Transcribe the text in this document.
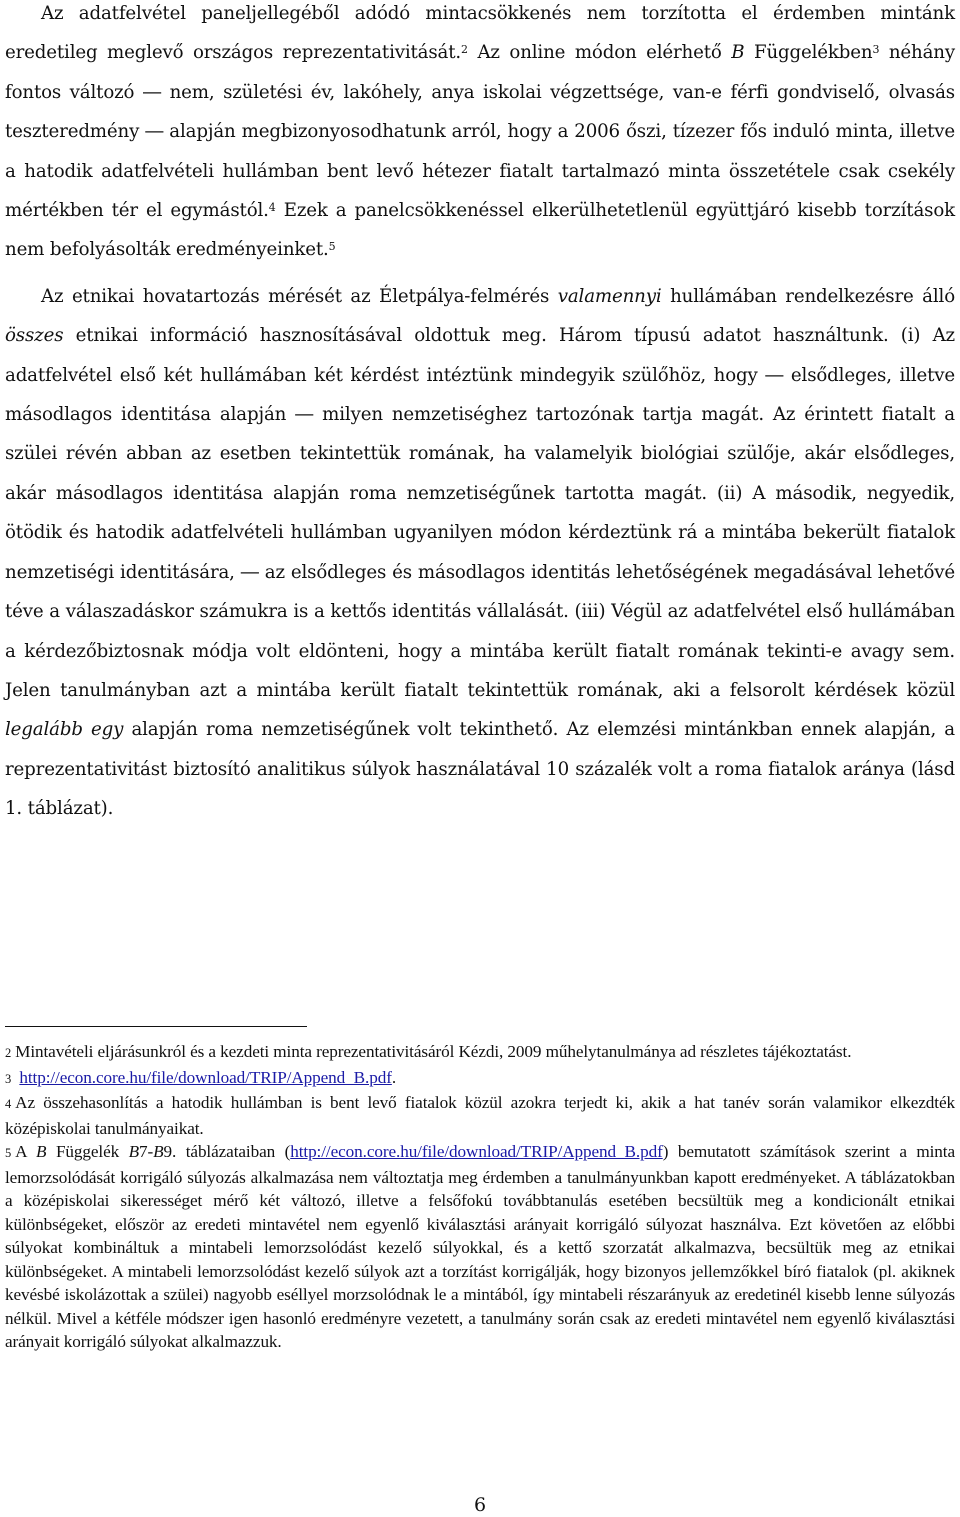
Az adatfelvétel paneljellegéből adódó mintacsökkenés nem torzította el érdemben mintánk eredetileg meglevő országos reprezentativitását.$^2$ Az online módon elérhető B Függelékben$^3$ néhány fontos változó ― nem, születési év, lakóhely, anya iskolai végzettsége, van-e férfi gondviselő, olvasás teszteredmény ― alapján megbizonyosodhatunk arról, hogy a 2006 őszi, tízezer fős induló minta, illetve a hatodik adatfelvételi hullámban bent levő hétezer fiatalt tartalmazó minta összetétele csak csekély mértékben tér el egymástól.$^4$ Ezek a panelcsökkenéssel elkerülhetetlenül együttjáró kisebb torzítások nem befolyásolták eredményeinket.$^5$

Az etnikai hovatartozás mérését az Életpálya-felmérés valamennyi hullámában rendelkezésre álló összes etnikai információ hasznosításával oldottuk meg. Három típusú adatot használtunk. (i) Az adatfelvétel első két hullámában két kérdést intéztünk mindegyik szülőhöz, hogy ― elsődleges, illetve másodlagos identitása alapján ― milyen nemzetiséghez tartozónak tartja magát. Az érintett fiatalt a szülei révén abban az esetben tekintettük romának, ha valamelyik biológiai szülője, akár elsődleges, akár másodlagos identitása alapján roma nemzetiségűnek tartotta magát. (ii) A második, negyedik, ötödik és hatodik adatfelvételi hullámban ugyanilyen módon kérdeztünk rá a mintába bekerült fiatalok nemzetiségi identitására, ― az elsődleges és másodlagos identitás lehetőségének megadásával lehetővé téve a válaszadáskor számukra is a kettős identitás vállalását. (iii) Végül az adatfelvétel első hullámában a kérdezőbiztosnak módja volt eldönteni, hogy a mintába került fiatalt romának tekinti-e avagy sem. Jelen tanulmányban azt a mintába került fiatalt tekintettük romának, aki a felsorolt kérdések közül legalább egy alapján roma nemzetiségűnek volt tekinthető. Az elemzési mintánkban ennek alapján, a reprezentativitást biztosító analitikus súlyok használatával 10 százalék volt a roma fiatalok aránya (lásd 1. táblázat).

2 Mintavételi eljárásunkról és a kezdeti minta reprezentativitásáról Kézdi, 2009 műhelytanulmánya ad részletes tájékoztatást.

3 http://econ.core.hu/file/download/TRIP/Append_B.pdf.

4 Az összehasonlítás a hatodik hullámban is bent levő fiatalok közül azokra terjedt ki, akik a hat tanév során valamikor elkezdték középiskolai tanulmányaikat.

5 A B Függelék B7-B9. táblázataiban (http://econ.core.hu/file/download/TRIP/Append_B.pdf) bemutatott számítások szerint a minta lemorzsolódását korrigáló súlyozás alkalmazása nem változtatja meg érdemben a tanulmányunkban kapott eredményeket. A táblázatokban a középiskolai sikerességet mérő két változó, illetve a felsőfokú továbbtanulás esetében becsültük meg a kondicionált etnikai különbségeket, először az eredeti mintavétel nem egyenlő kiválasztási arányait korrigáló súlyozat használva. Ezt követően az előbbi súlyokat kombináltuk a mintabeli lemorzsolódást kezelő súlyokkal, és a kettő szorzatát alkalmazva, becsültük meg az etnikai különbségeket. A mintabeli lemorzsolódást kezelő súlyok azt a torzítást korrigálják, hogy bizonyos jellemzőkkel bíró fiatalok (pl. akiknek kevésbé iskolázottak a szülei) nagyobb eséllyel morzsolódnak le a mintából, így mintabeli részarányuk az eredetinél kisebb lenne súlyozás nélkül. Mivel a kétféle módszer igen hasonló eredményre vezetett, a tanulmány során csak az eredeti mintavétel nem egyenlő kiválasztási arányait korrigáló súlyokat alkalmazzuk.

6
